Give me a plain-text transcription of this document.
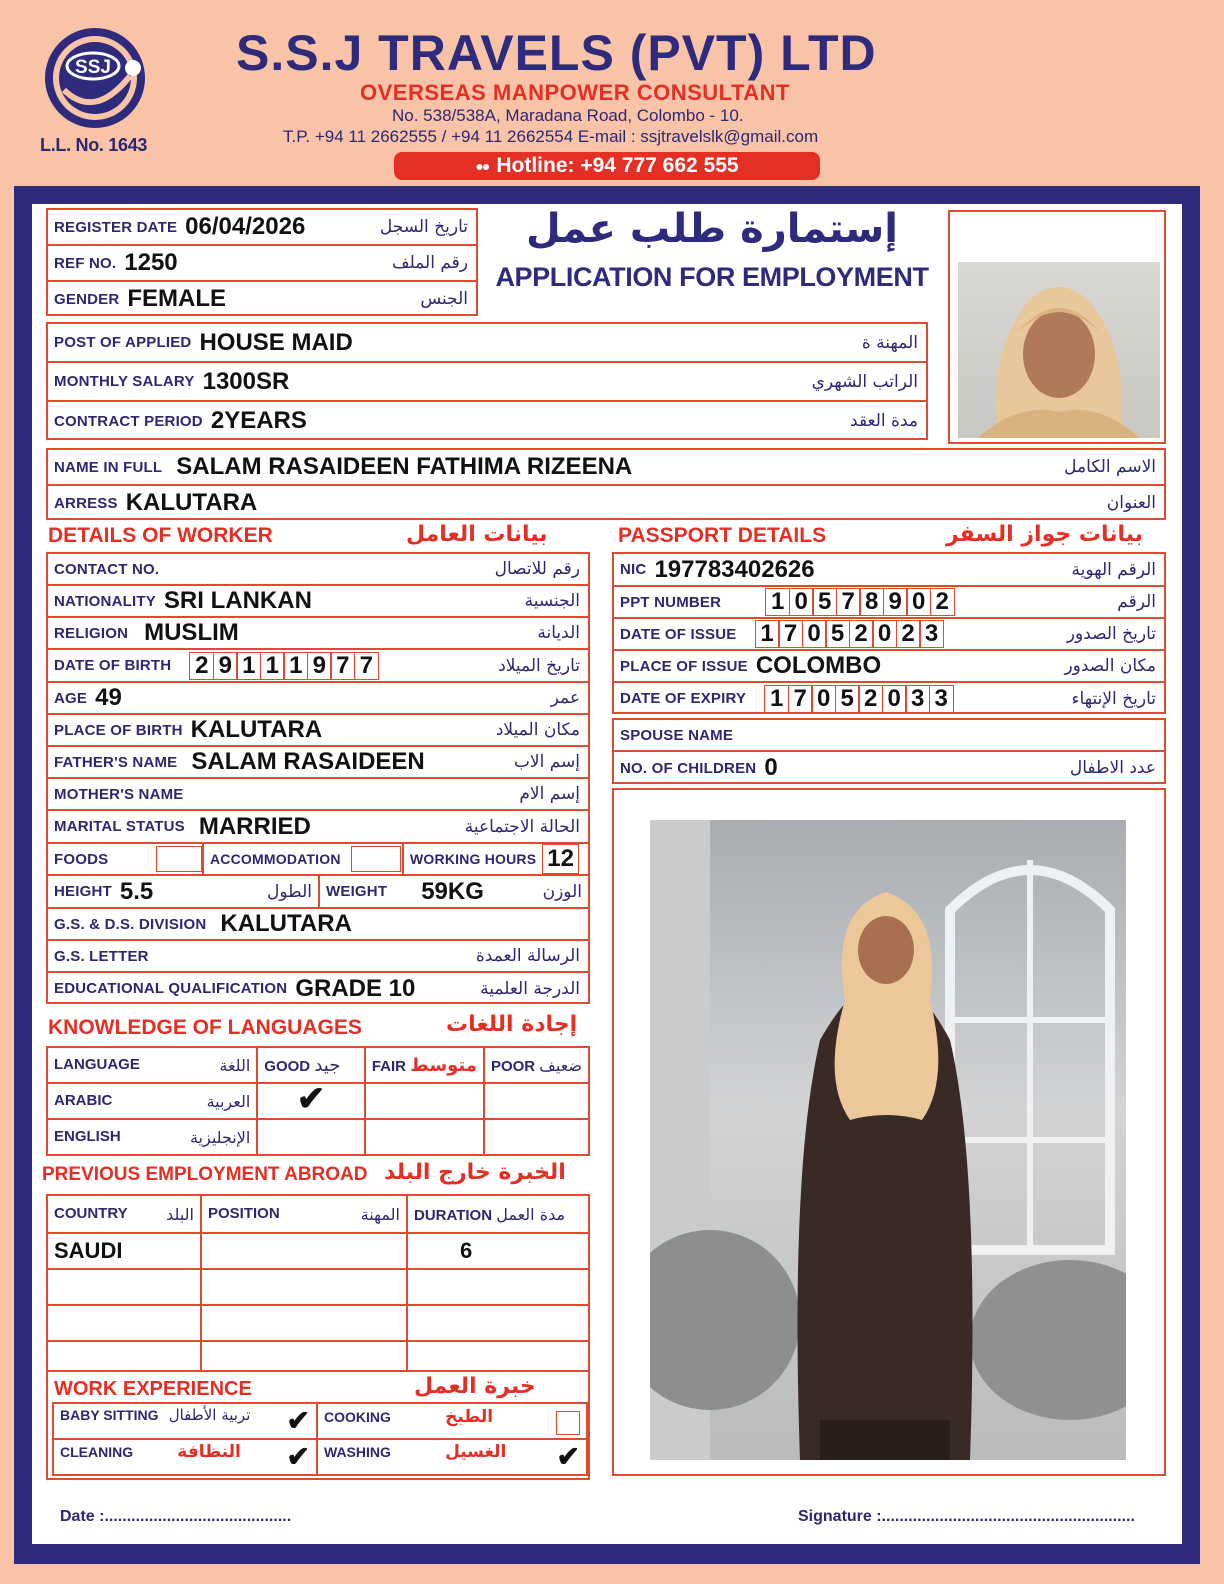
SSJ
L.L. No. 1643
S.S.J TRAVELS (PVT) LTD
OVERSEAS MANPOWER CONSULTANT
No. 538/538A, Maradana Road, Colombo - 10.
T.P. +94 11 2662555 / +94 11 2662554 E-mail : ssjtravelslk@gmail.com
●● Hotline: +94 777 662 555
REGISTER DATE 06/04/2026	تاريخ السجل
REF NO. 1250	رقم الملف
GENDER FEMALE	الجنس
إستمارة طلب عمل
APPLICATION FOR EMPLOYMENT
POST OF APPLIED HOUSE MAID	المهنة ة
MONTHLY SALARY 1300SR	الراتب الشهري
CONTRACT PERIOD 2YEARS	مدة العقد
NAME IN FULL SALAM RASAIDEEN FATHIMA RIZEENA	الاسم الكامل
ARRESS KALUTARA	العنوان
DETAILS OF WORKER	بيانات العامل	PASSPORT DETAILS	بيانات جواز السفر
CONTACT NO.	رقم للاتصال
NATIONALITY SRI LANKAN	الجنسية
RELIGION MUSLIM	الديانة
DATE OF BIRTH 2 9 1 1 1 9 7 7	تاريخ الميلاد
AGE 49	عمر
PLACE OF BIRTH KALUTARA	مكان الميلاد
FATHER'S NAME SALAM RASAIDEEN	إسم الاب
MOTHER'S NAME	إسم الام
MARITAL STATUS MARRIED	الحالة الاجتماعية
FOODS	ACCOMMODATION	WORKING HOURS 12
HEIGHT 5.5	الطول WEIGHT 59KG	الوزن
G.S. & D.S. DIVISION KALUTARA
G.S. LETTER	الرسالة العمدة
EDUCATIONAL QUALIFICATION GRADE 10	الدرجة العلمية
NIC 197783402626	الرقم الهوية
PPT NUMBER 1 0 5 7 8 9 0 2	الرقم
DATE OF ISSUE 1 7 0 5 2 0 2 3	تاريخ الصدور
PLACE OF ISSUE COLOMBO	مكان الصدور
DATE OF EXPIRY 1 7 0 5 2 0 3 3	تاريخ الإنتهاء
SPOUSE NAME
NO. OF CHILDREN 0	عدد الاطفال
KNOWLEDGE OF LANGUAGES	إجادة اللغات
LANGUAGE اللغة	GOOD جيد	FAIR متوسط	POOR ضعيف
ARABIC العربية	✔		
ENGLISH الإنجليزية			

PREVIOUS EMPLOYMENT ABROAD الخبرة خارج البلد
COUNTRY البلد	POSITION المهنة	DURATION مدة العمل
SAUDI		6

WORK EXPERIENCE	خبرة العمل
BABY SITTING تربية الأطفال ✔	COOKING الطبخ

CLEANING النظافة ✔	WASHING الغسيل ✔
Date :..........................................	Signature :.........................................................
